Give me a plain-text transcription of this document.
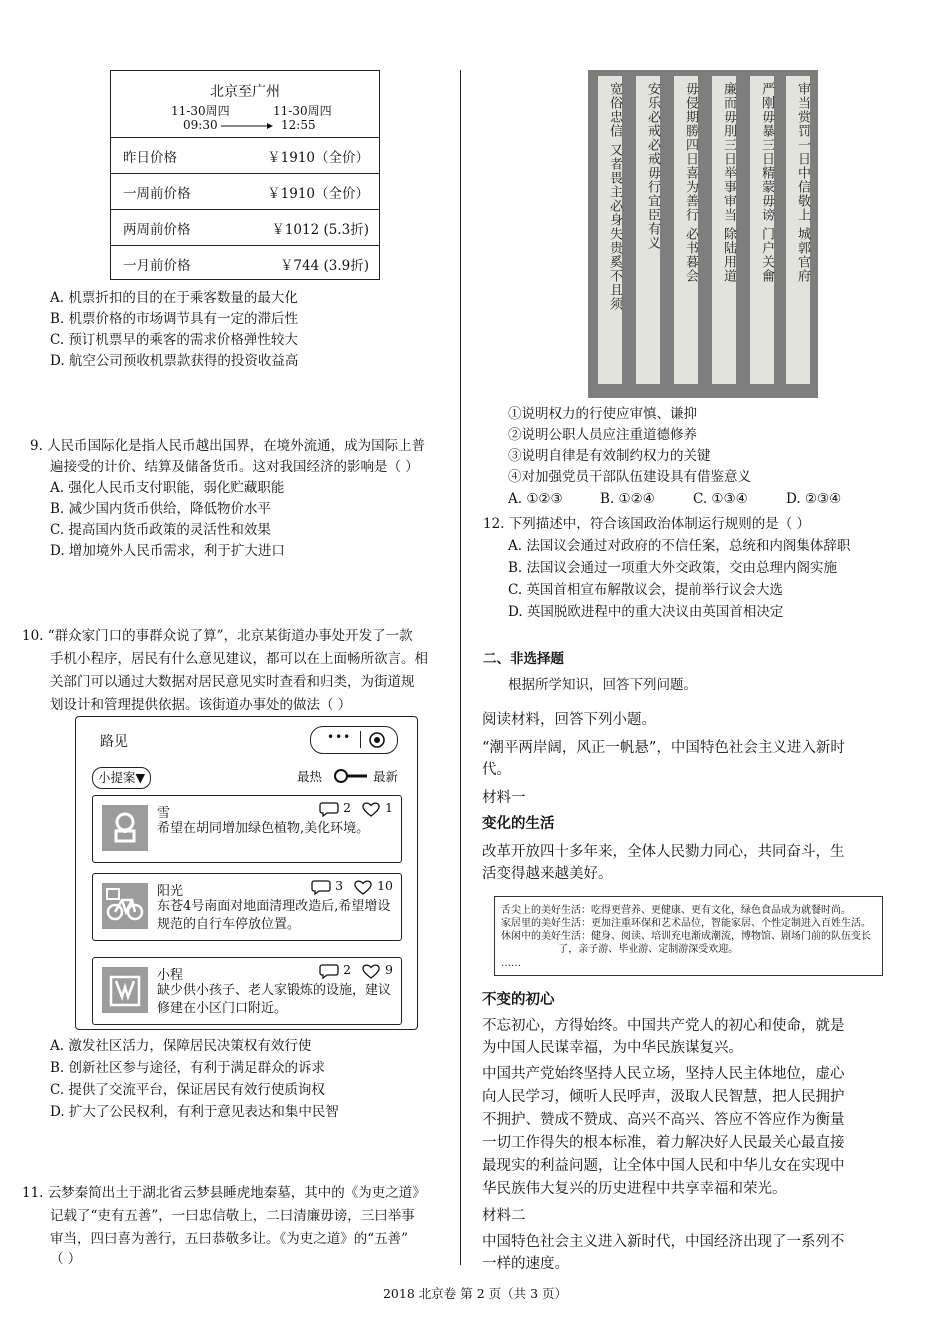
北京至广州
11-30周四	11-30周四
09:30	12:55
昨日价格	￥1910（全价）
一周前价格	￥1910（全价）
两周前价格	￥1012 (5.3折)
一月前价格	￥744 (3.9折)
A. 机票折扣的目的在于乘客数量的最大化
B. 机票价格的市场调节具有一定的滞后性
C. 预订机票早的乘客的需求价格弹性较大
D. 航空公司预收机票款获得的投资收益高
9. 人民币国际化是指人民币越出国界，在境外流通，成为国际上普
遍接受的计价、结算及储备货币。这对我国经济的影响是（ ）
A. 强化人民币支付职能，弱化贮藏职能
B. 减少国内货币供给，降低物价水平
C. 提高国内货币政策的灵活性和效果
D. 增加境外人民币需求，利于扩大进口
10. “群众家门口的事群众说了算”，北京某街道办事处开发了一款
手机小程序，居民有什么意见建议，都可以在上面畅所欲言。相
关部门可以通过大数据对居民意见实时查看和归类，为街道规
划设计和管理提供依据。该街道办事处的做法（ ）
路见	•••
小提案▼	最热	最新
雪	2	1
希望在胡同增加绿色植物,美化环境。
阳光	3	10
东苍4号南面对地面清理改造后,希望增设规范的自行车停放位置。
小程	2	9
缺少供小孩子、老人家锻炼的设施，建议修建在小区门口附近。
A. 激发社区活力，保障居民决策权有效行使
B. 创新社区参与途径，有利于满足群众的诉求
C. 提供了交流平台，保证居民有效行使质询权
D. 扩大了公民权利，有利于意见表达和集中民智
11. 云梦秦简出土于湖北省云梦县睡虎地秦墓，其中的《为吏之道》
记载了“吏有五善”，一曰忠信敬上，二曰清廉毋谤，三曰举事
审当，四曰喜为善行，五曰恭敬多让。《为吏之道》的“五善”
（ ）
宽俗忠信 又者畏主必身失贵奚不且须	安乐必戒必戒毋行宜臣有义	毋侵期勝四日喜为善行 必书暮会	廉而毋刖三日举事审当 除陆用道	严刚毋暴三日精蒙毋谤 门户关龠	审当赏罚一日中信敬上 城郭官府
①说明权力的行使应审慎、谦抑
②说明公职人员应注重道德修养
③说明自律是有效制约权力的关键
④对加强党员干部队伍建设具有借鉴意义
A. ①②③	B. ①②④	C. ①③④	D. ②③④
12. 下列描述中，符合该国政治体制运行规则的是（ ）
A. 法国议会通过对政府的不信任案，总统和内阁集体辞职
B. 法国议会通过一项重大外交政策，交由总理内阁实施
C. 英国首相宣布解散议会，提前举行议会大选
D. 英国脱欧进程中的重大决议由英国首相决定
二、非选择题
根据所学知识，回答下列问题。
阅读材料，回答下列小题。
“潮平两岸阔，风正一帆悬”，中国特色社会主义进入新时
代。
材料一
变化的生活
改革开放四十多年来，全体人民勠力同心，共同奋斗，生
活变得越来越美好。
舌尖上的美好生活：吃得更营养、更健康、更有文化，绿色食品成为就餐时尚。
家居里的美好生活：更加注重环保和艺术品位，智能家居、个性定制进入百姓生活。
休闲中的美好生活：健身、阅读、培训充电渐成潮流，博物馆、剧场门前的队伍变长
了，亲子游、毕业游、定制游深受欢迎。
……
不变的初心
不忘初心，方得始终。中国共产党人的初心和使命，就是
为中国人民谋幸福，为中华民族谋复兴。
中国共产党始终坚持人民立场，坚持人民主体地位，虚心
向人民学习，倾听人民呼声，汲取人民智慧，把人民拥护
不拥护、赞成不赞成、高兴不高兴、答应不答应作为衡量
一切工作得失的根本标准，着力解决好人民最关心最直接
最现实的利益问题，让全体中国人民和中华儿女在实现中
华民族伟大复兴的历史进程中共享幸福和荣光。
材料二
中国特色社会主义进入新时代，中国经济出现了一系列不
一样的速度。
2018 北京卷 第 2 页（共 3 页）
